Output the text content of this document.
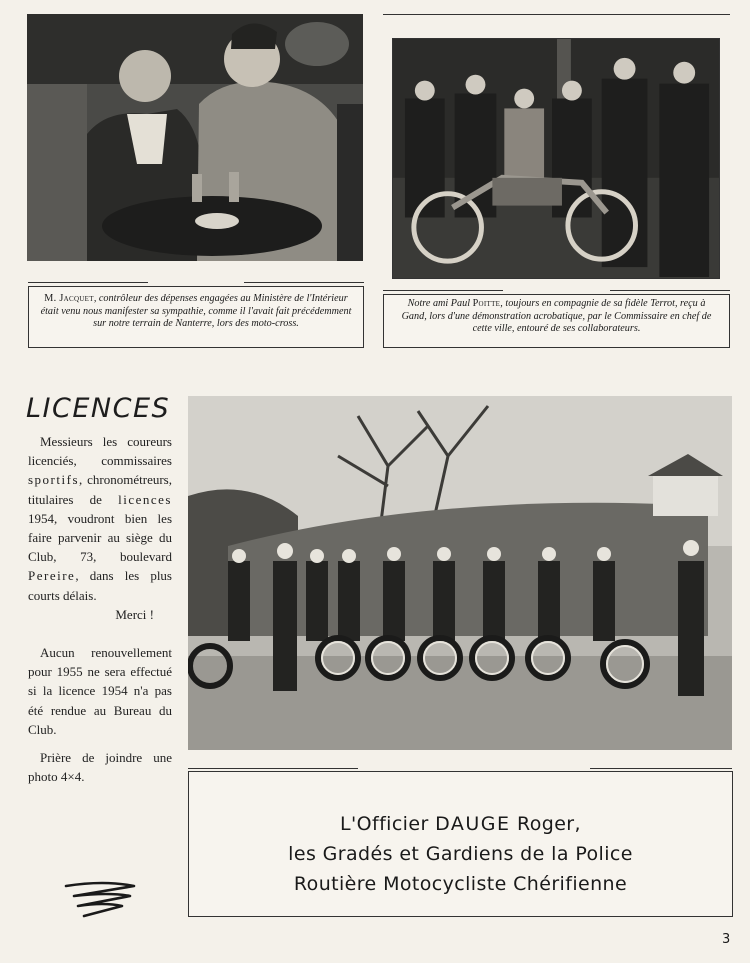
M. Jacquet, contrôleur des dépenses engagées au Ministère de l'Intérieur était venu nous manifester sa sympathie, comme il l'avait fait précédemment sur notre terrain de Nanterre, lors des moto-cross.
Notre ami Paul Poitte, toujours en compagnie de sa fidèle Terrot, reçu à Gand, lors d'une démonstration acrobatique, par le Commissaire en chef de cette ville, entouré de ses collaborateurs.
LICENCES

Messieurs les coureurs licenciés, commissaires sportifs, chronométreurs, titulaires de licences 1954, voudront bien les faire parvenir au siège du Club, 73, boulevard Pereire, dans les plus courts délais.

Merci !

Aucun renouvellement pour 1955 ne sera effectué si la licence 1954 n'a pas été rendue au Bureau du Club.

Prière de joindre une photo 4×4.

L'Officier DAUGE Roger,
les Gradés et Gardiens de la Police
Routière Motocycliste Chérifienne
3
